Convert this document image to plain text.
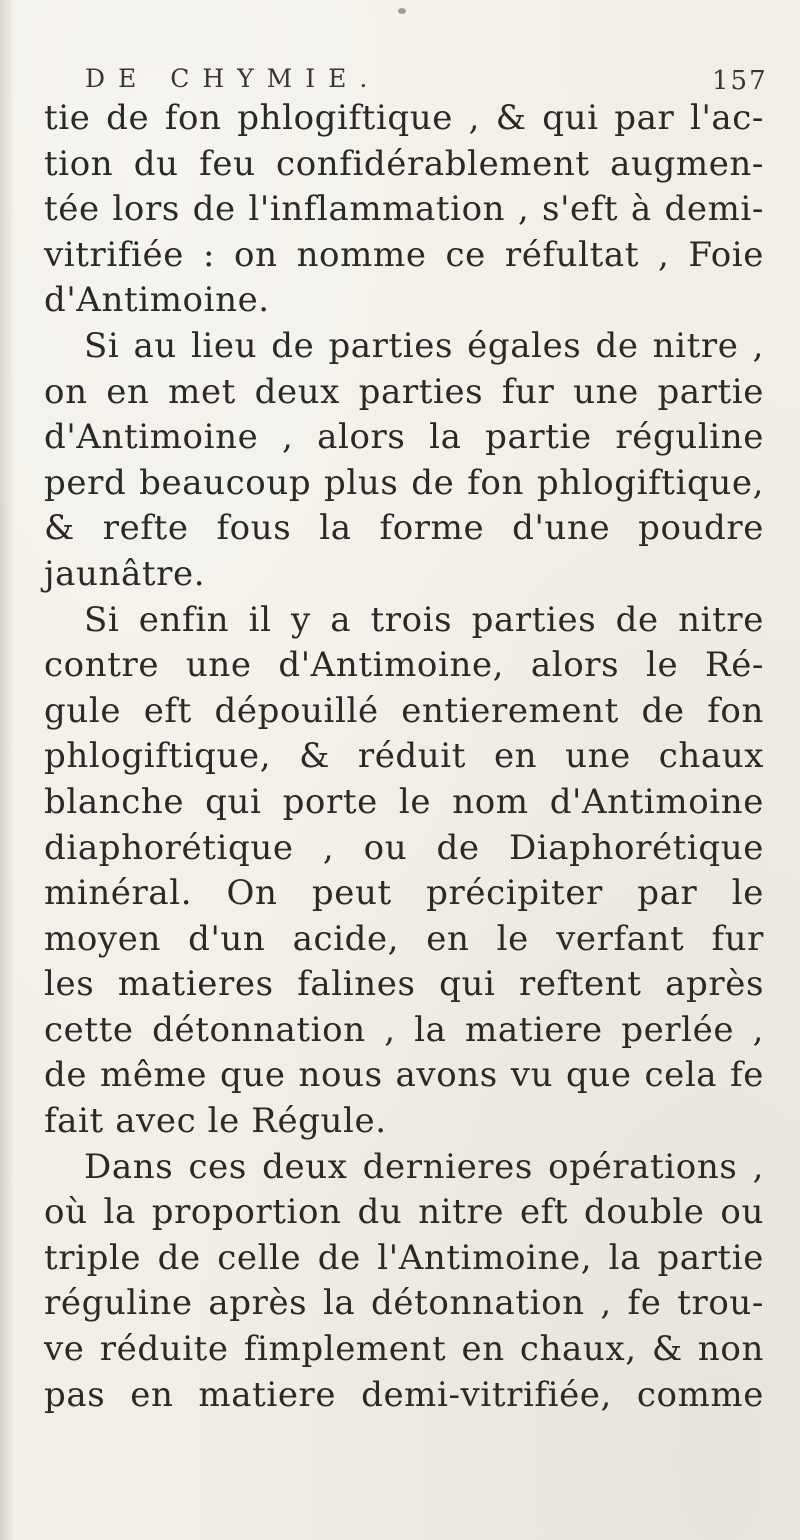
DE CHYMIE.	157
tie de fon phlogiftique , & qui par l'ac-
tion du feu confidérablement augmen-
tée lors de l'inflammation , s'eft à demi-
vitrifiée : on nomme ce réfultat , Foie
d'Antimoine.
Si au lieu de parties égales de nitre ,
on en met deux parties fur une partie
d'Antimoine , alors la partie réguline
perd beaucoup plus de fon phlogiftique,
& refte fous la forme d'une poudre
jaunâtre.
Si enfin il y a trois parties de nitre
contre une d'Antimoine, alors le Ré-
gule eft dépouillé entierement de fon
phlogiftique, & réduit en une chaux
blanche qui porte le nom d'Antimoine
diaphorétique , ou de Diaphorétique
minéral. On peut précipiter par le
moyen d'un acide, en le verfant fur
les matieres falines qui reftent après
cette détonnation , la matiere perlée ,
de même que nous avons vu que cela fe
fait avec le Régule.
Dans ces deux dernieres opérations ,
où la proportion du nitre eft double ou
triple de celle de l'Antimoine, la partie
réguline après la détonnation , fe trou-
ve réduite fimplement en chaux, & non
pas en matiere demi-vitrifiée, comme
